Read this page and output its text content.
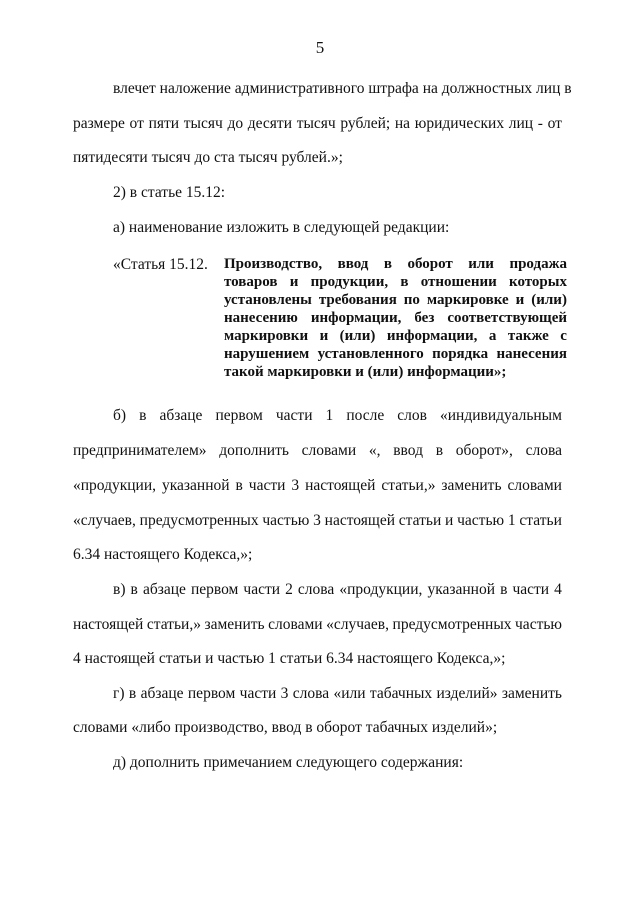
5
влечет наложение административного штрафа на должностных лиц в
размере от пяти тысяч до десяти тысяч рублей; на юридических лиц - от
пятидесяти тысяч до ста тысяч рублей.»;
2) в статье 15.12:
а) наименование изложить в следующей редакции:
«Статья 15.12. Производство, ввод в оборот или продажа
товаров и продукции, в отношении которых
установлены требования по маркировке и (или)
нанесению информации, без соответствующей
маркировки и (или) информации, а также с
нарушением установленного порядка нанесения
такой маркировки и (или) информации»;
б) в абзаце первом части 1 после слов «индивидуальным
предпринимателем» дополнить словами «, ввод в оборот», слова
«продукции, указанной в части 3 настоящей статьи,» заменить словами
«случаев, предусмотренных частью 3 настоящей статьи и частью 1 статьи
6.34 настоящего Кодекса,»;
в) в абзаце первом части 2 слова «продукции, указанной в части 4
настоящей статьи,» заменить словами «случаев, предусмотренных частью
4 настоящей статьи и частью 1 статьи 6.34 настоящего Кодекса,»;
г) в абзаце первом части 3 слова «или табачных изделий» заменить
словами «либо производство, ввод в оборот табачных изделий»;
д) дополнить примечанием следующего содержания:
